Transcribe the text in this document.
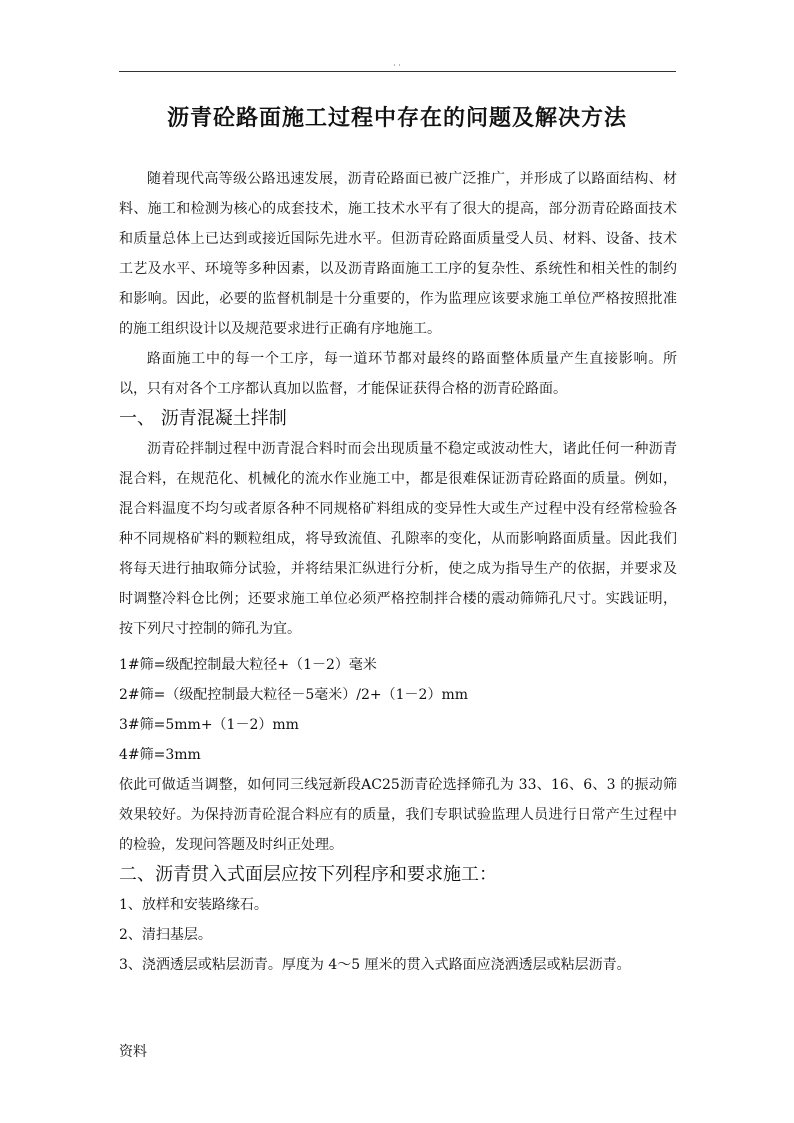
· ·
沥青砼路面施工过程中存在的问题及解决方法

随着现代高等级公路迅速发展，沥青砼路面已被广泛推广，并形成了以路面结构、材料、施工和检测为核心的成套技术，施工技术水平有了很大的提高，部分沥青砼路面技术和质量总体上已达到或接近国际先进水平。但沥青砼路面质量受人员、材料、设备、技术工艺及水平、环境等多种因素，以及沥青路面施工工序的复杂性、系统性和相关性的制约和影响。因此，必要的监督机制是十分重要的，作为监理应该要求施工单位严格按照批准的施工组织设计以及规范要求进行正确有序地施工。

路面施工中的每一个工序，每一道环节都对最终的路面整体质量产生直接影响。所以，只有对各个工序都认真加以监督，才能保证获得合格的沥青砼路面。

一、 沥青混凝土拌制

沥青砼拌制过程中沥青混合料时而会出现质量不稳定或波动性大，诸此任何一种沥青混合料，在规范化、机械化的流水作业施工中，都是很难保证沥青砼路面的质量。例如，混合料温度不均匀或者原各种不同规格矿料组成的变异性大或生产过程中没有经常检验各种不同规格矿料的颗粒组成，将导致流值、孔隙率的变化，从而影响路面质量。因此我们将每天进行抽取筛分试验，并将结果汇纵进行分析，使之成为指导生产的依据，并要求及时调整冷料仓比例；还要求施工单位必须严格控制拌合楼的震动筛筛孔尺寸。实践证明，按下列尺寸控制的筛孔为宜。

1#筛=级配控制最大粒径+（1－2）毫米

2#筛=（级配控制最大粒径－5毫米）/2+（1－2）mm

3#筛=5mm+（1－2）mm

4#筛=3mm

依此可做适当调整，如何同三线冠新段AC25沥青砼选择筛孔为 33、16、6、3 的振动筛效果较好。为保持沥青砼混合料应有的质量，我们专职试验监理人员进行日常产生过程中的检验，发现问答题及时纠正处理。

二、沥青贯入式面层应按下列程序和要求施工：

1、放样和安装路缘石。

2、清扫基层。

3、浇洒透层或粘层沥青。厚度为 4～5 厘米的贯入式路面应浇洒透层或粘层沥青。

资料
